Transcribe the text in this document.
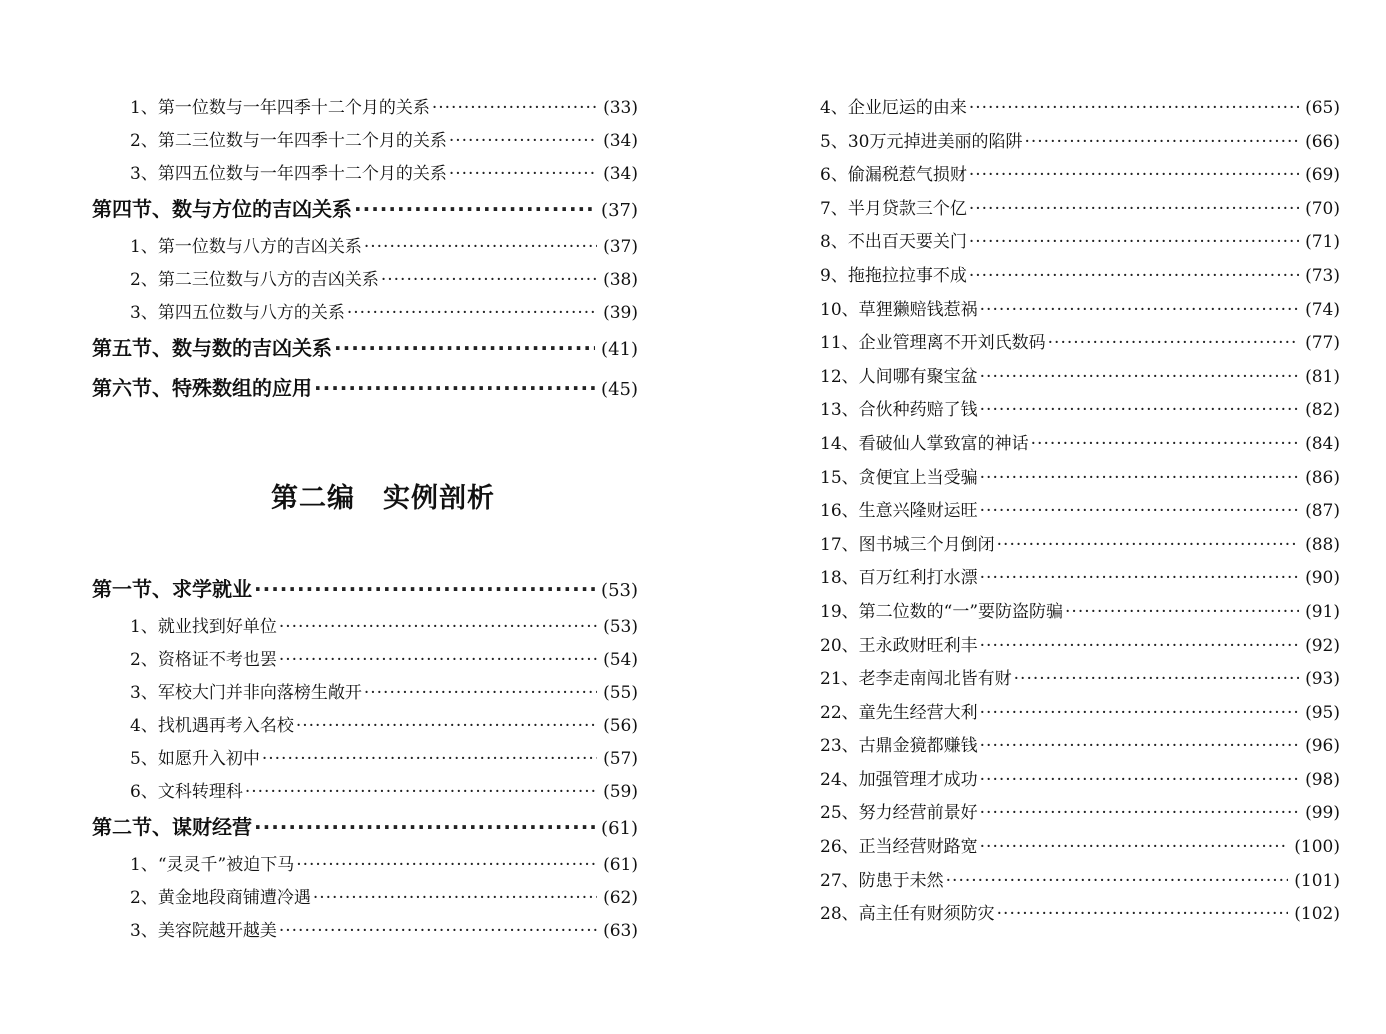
1、第一位数与一年四季十二个月的关系 ·····	(33)
2、第二三位数与一年四季十二个月的关系 ·····	(34)
3、第四五位数与一年四季十二个月的关系 ·····	(34)
第四节、数与方位的吉凶关系 ·····	(37)
1、第一位数与八方的吉凶关系 ·····	(37)
2、第二三位数与八方的吉凶关系 ·····	(38)
3、第四五位数与八方的关系 ·····	(39)
第五节、数与数的吉凶关系 ·····	(41)
第六节、特殊数组的应用 ·····	(45)
第二编 实例剖析
第一节、求学就业 ·····	(53)
1、就业找到好单位 ·····	(53)
2、资格证不考也罢 ·····	(54)
3、军校大门并非向落榜生敞开 ·····	(55)
4、找机遇再考入名校 ·····	(56)
5、如愿升入初中 ·····	(57)
6、文科转理科 ·····	(59)
第二节、谋财经营 ·····	(61)
1、“灵灵千”被迫下马 ·····	(61)
2、黄金地段商铺遭冷遇 ·····	(62)
3、美容院越开越美 ·····	(63)
4、企业厄运的由来 ·····	(65)
5、30万元掉进美丽的陷阱 ·····	(66)
6、偷漏税惹气损财 ·····	(69)
7、半月贷款三个亿 ·····	(70)
8、不出百天要关门 ·····	(71)
9、拖拖拉拉事不成 ·····	(73)
10、草狸獭赔钱惹祸 ·····	(74)
11、企业管理离不开刘氏数码 ·····	(77)
12、人间哪有聚宝盆 ·····	(81)
13、合伙种药赔了钱 ·····	(82)
14、看破仙人掌致富的神话 ·····	(84)
15、贪便宜上当受骗 ·····	(86)
16、生意兴隆财运旺 ·····	(87)
17、图书城三个月倒闭 ·····	(88)
18、百万红利打水漂 ·····	(90)
19、第二位数的“一”要防盗防骗 ·····	(91)
20、王永政财旺利丰 ·····	(92)
21、老李走南闯北皆有财 ·····	(93)
22、童先生经营大利 ·····	(95)
23、古鼎金獍都赚钱 ·····	(96)
24、加强管理才成功 ·····	(98)
25、努力经营前景好 ·····	(99)
26、正当经营财路宽 ·····	(100)
27、防患于未然 ·····	(101)
28、高主任有财须防灾 ·····	(102)
